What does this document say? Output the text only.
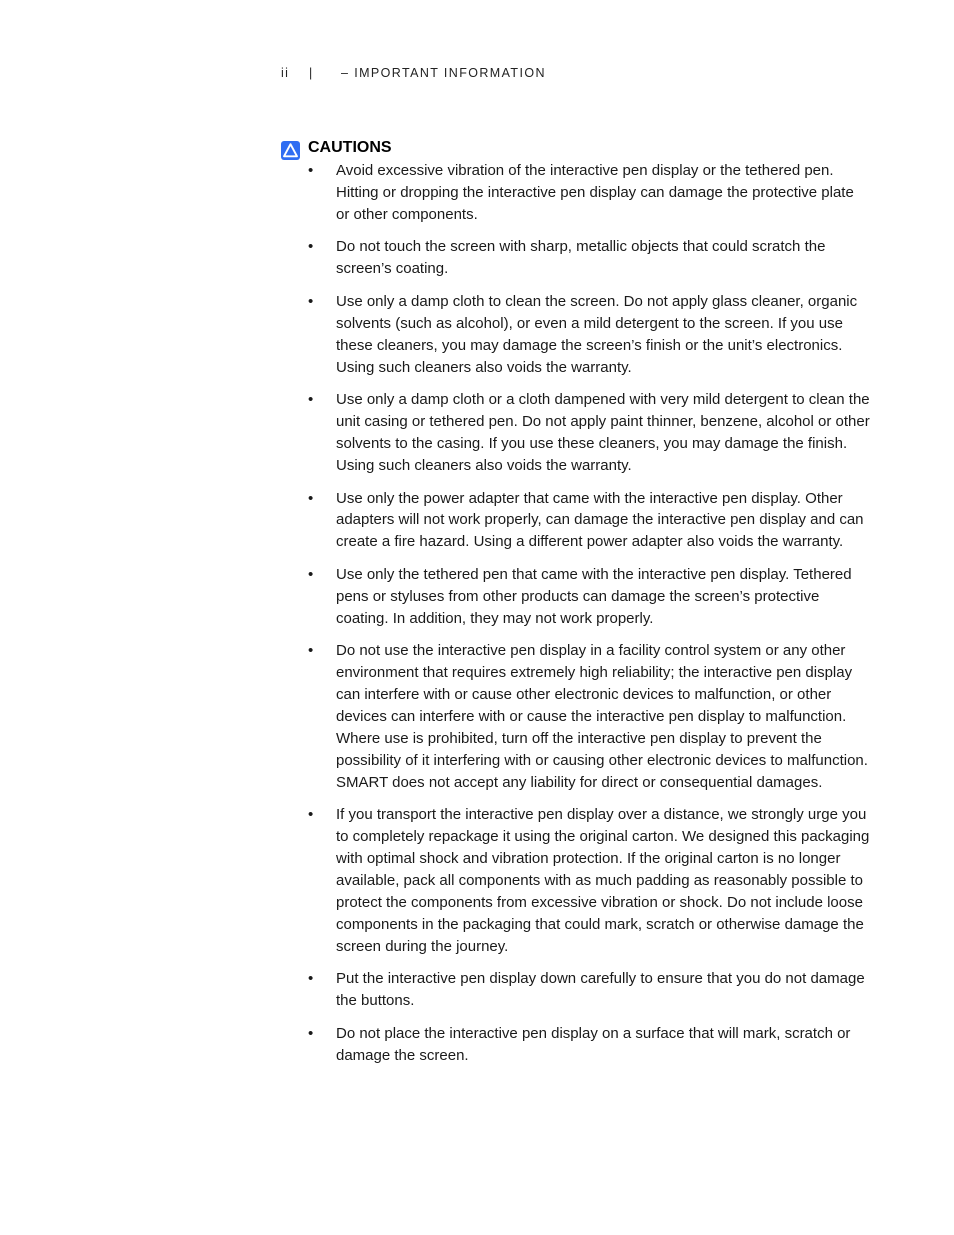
ii | – IMPORTANT INFORMATION
CAUTIONS
• Avoid excessive vibration of the interactive pen display or the tethered pen. Hitting or dropping the interactive pen display can damage the protective plate or other components.
• Do not touch the screen with sharp, metallic objects that could scratch the screen’s coating.
• Use only a damp cloth to clean the screen. Do not apply glass cleaner, organic solvents (such as alcohol), or even a mild detergent to the screen. If you use these cleaners, you may damage the screen’s finish or the unit’s electronics. Using such cleaners also voids the warranty.
• Use only a damp cloth or a cloth dampened with very mild detergent to clean the unit casing or tethered pen. Do not apply paint thinner, benzene, alcohol or other solvents to the casing. If you use these cleaners, you may damage the finish. Using such cleaners also voids the warranty.
• Use only the power adapter that came with the interactive pen display. Other adapters will not work properly, can damage the interactive pen display and can create a fire hazard. Using a different power adapter also voids the warranty.
• Use only the tethered pen that came with the interactive pen display. Tethered pens or styluses from other products can damage the screen’s protective coating. In addition, they may not work properly.
• Do not use the interactive pen display in a facility control system or any other environment that requires extremely high reliability; the interactive pen display can interfere with or cause other electronic devices to malfunction, or other devices can interfere with or cause the interactive pen display to malfunction. Where use is prohibited, turn off the interactive pen display to prevent the possibility of it interfering with or causing other electronic devices to malfunction. SMART does not accept any liability for direct or consequential damages.
• If you transport the interactive pen display over a distance, we strongly urge you to completely repackage it using the original carton. We designed this packaging with optimal shock and vibration protection. If the original carton is no longer available, pack all components with as much padding as reasonably possible to protect the components from excessive vibration or shock. Do not include loose components in the packaging that could mark, scratch or otherwise damage the screen during the journey.
• Put the interactive pen display down carefully to ensure that you do not damage the buttons.
• Do not place the interactive pen display on a surface that will mark, scratch or damage the screen.
